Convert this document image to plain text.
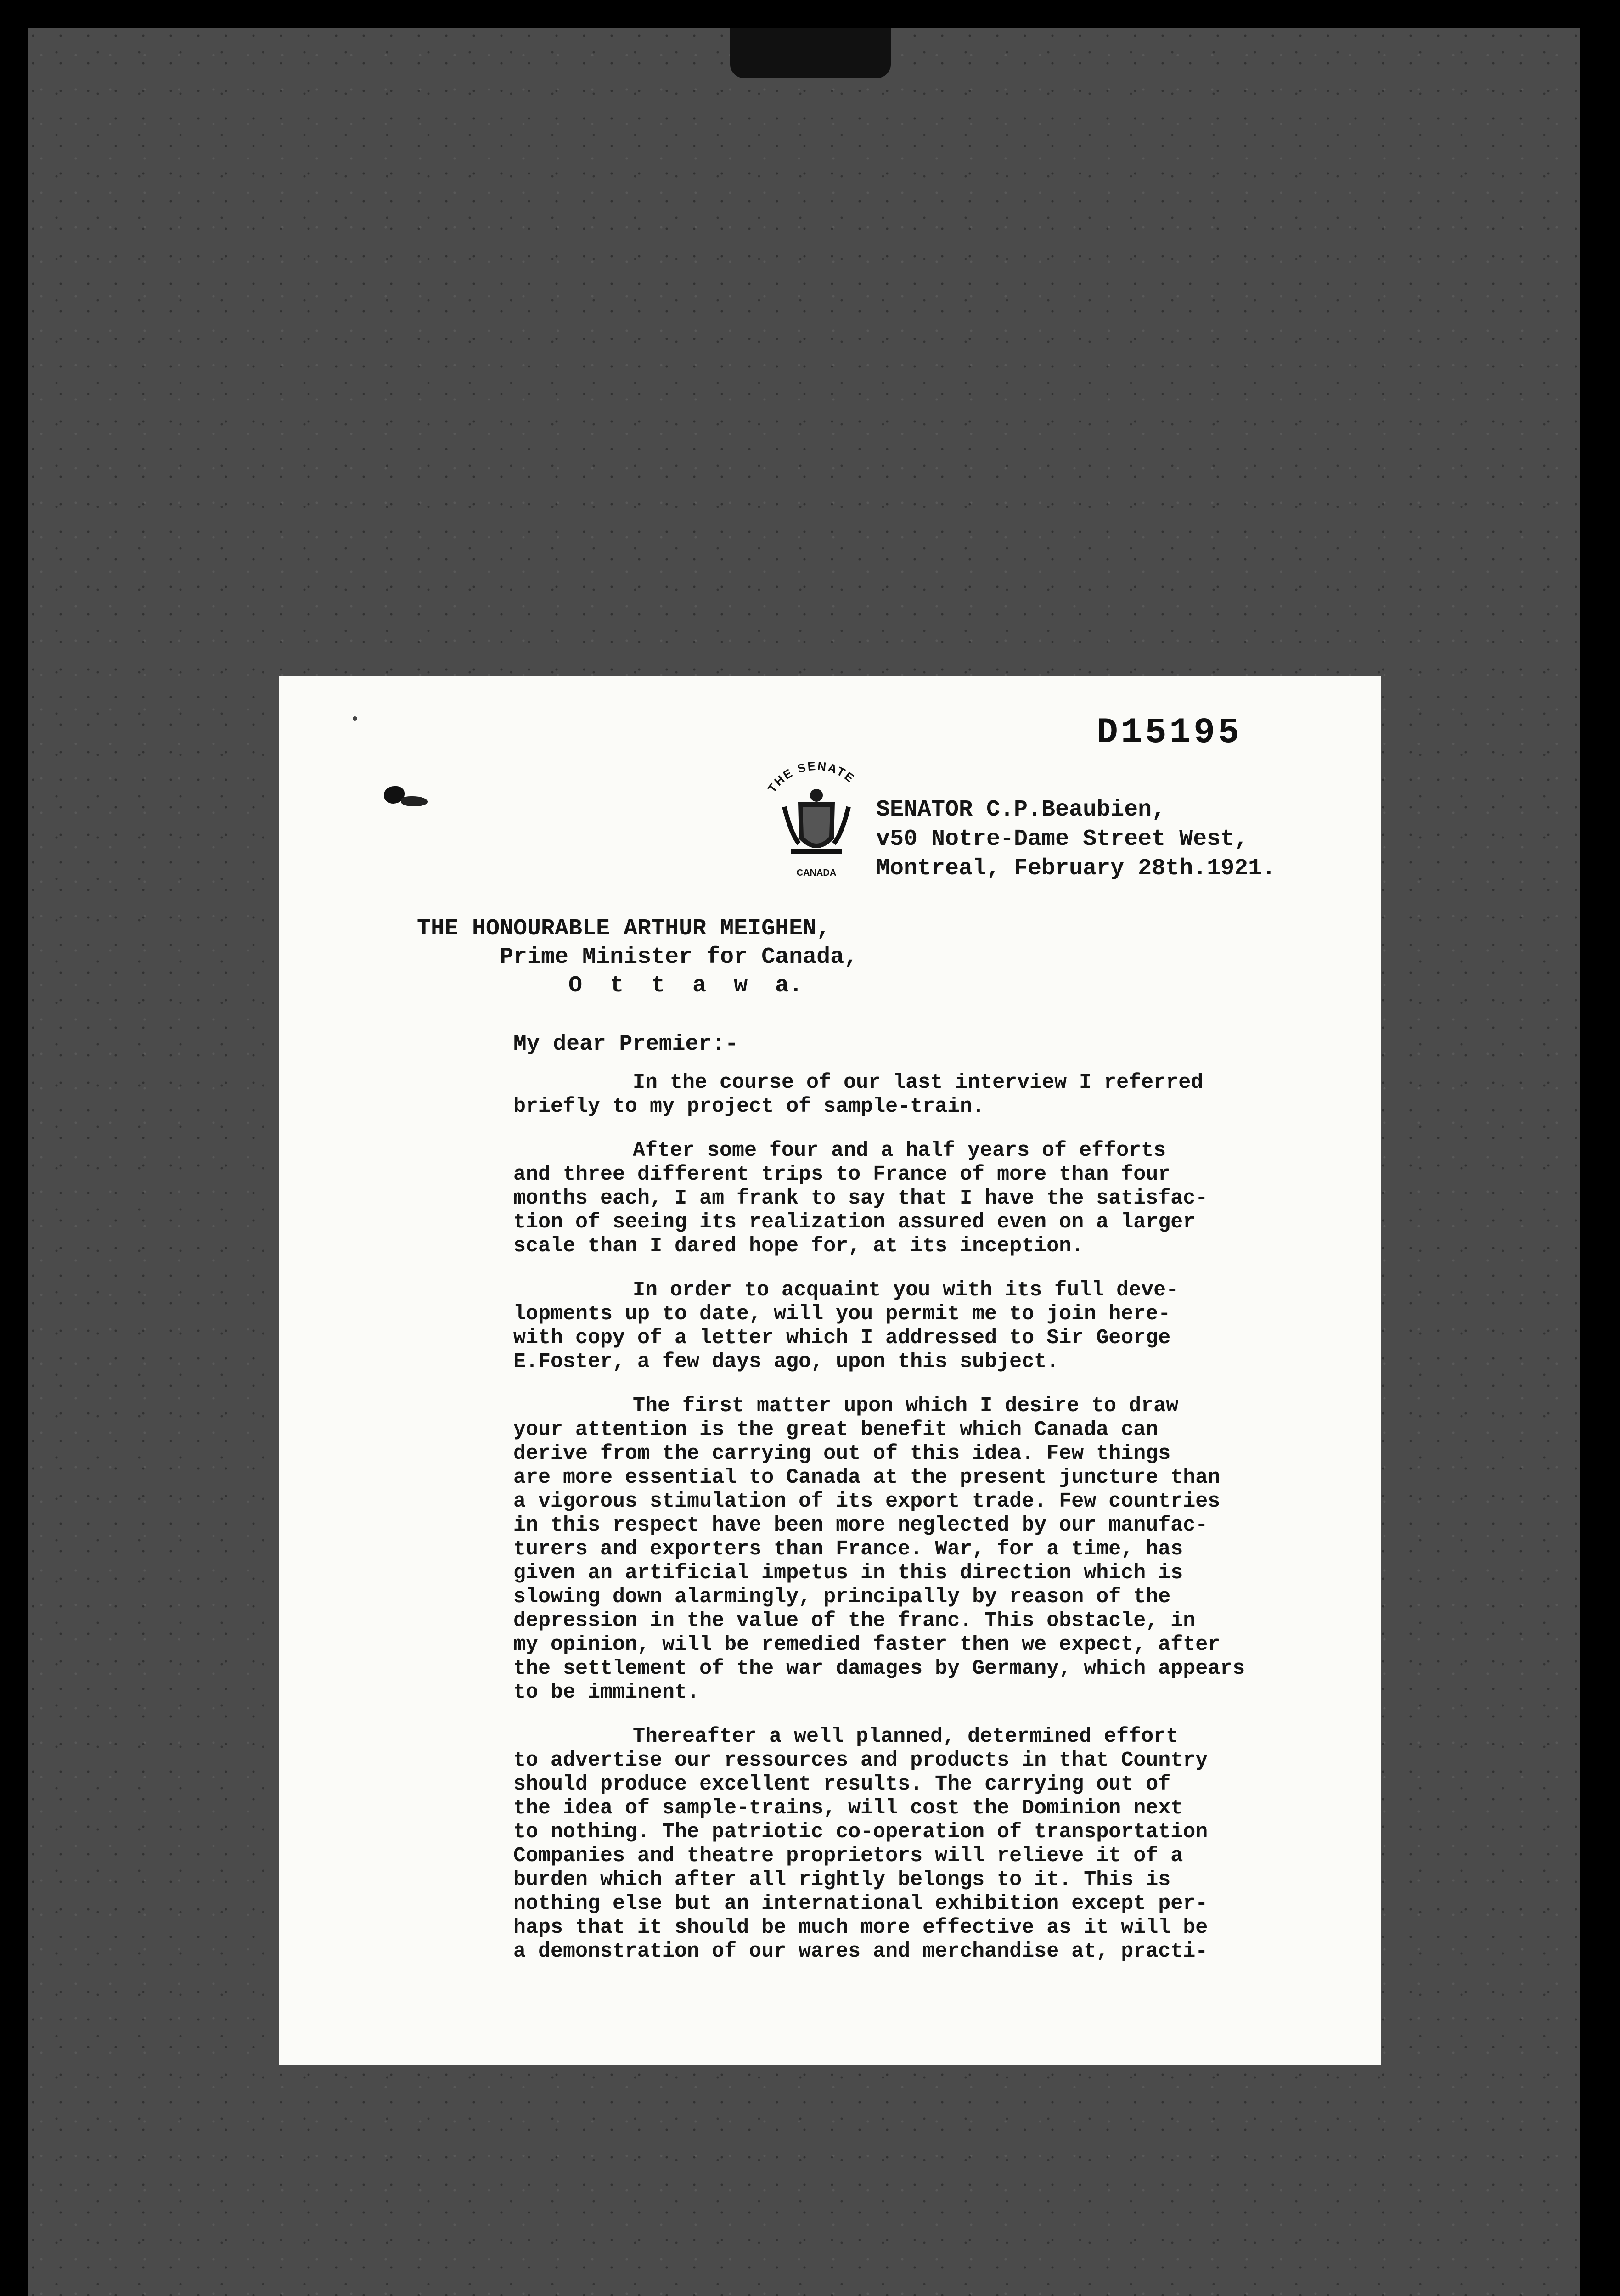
D15195
THE SENATE
CANADA
SENATOR C.P.Beaubien,
v50 Notre-Dame Street West,
Montreal, February 28th.1921.
THE HONOURABLE ARTHUR MEIGHEN,
Prime Minister for Canada,
O  t  t  a  w  a.
My dear Premier:-
In the course of our last interview I referred
briefly to my project of sample-train.
After some four and a half years of efforts
and three different trips to France of more than four
months each, I am frank to say that I have the satisfac-
tion of seeing its realization assured even on a larger
scale than I dared hope for, at its inception.
In order to acquaint you with its full deve-
lopments up to date, will you permit me to join here-
with copy of a letter which I addressed to Sir George
E.Foster, a few days ago, upon this subject.
The first matter upon which I desire to draw
your attention is the great benefit which Canada can
derive from the carrying out of this idea. Few things
are more essential to Canada at the present juncture than
a vigorous stimulation of its export trade. Few countries
in this respect have been more neglected by our manufac-
turers and exporters than France. War, for a time, has
given an artificial impetus in this direction which is
slowing down alarmingly, principally by reason of the
depression in the value of the franc. This obstacle, in
my opinion, will be remedied faster then we expect, after
the settlement of the war damages by Germany, which appears
to be imminent.
Thereafter a well planned, determined effort
to advertise our ressources and products in that Country
should produce excellent results. The carrying out of
the idea of sample-trains, will cost the Dominion next
to nothing. The patriotic co-operation of transportation
Companies and theatre proprietors will relieve it of a
burden which after all rightly belongs to it. This is
nothing else but an international exhibition except per-
haps that it should be much more effective as it will be
a demonstration of our wares and merchandise at, practi-
